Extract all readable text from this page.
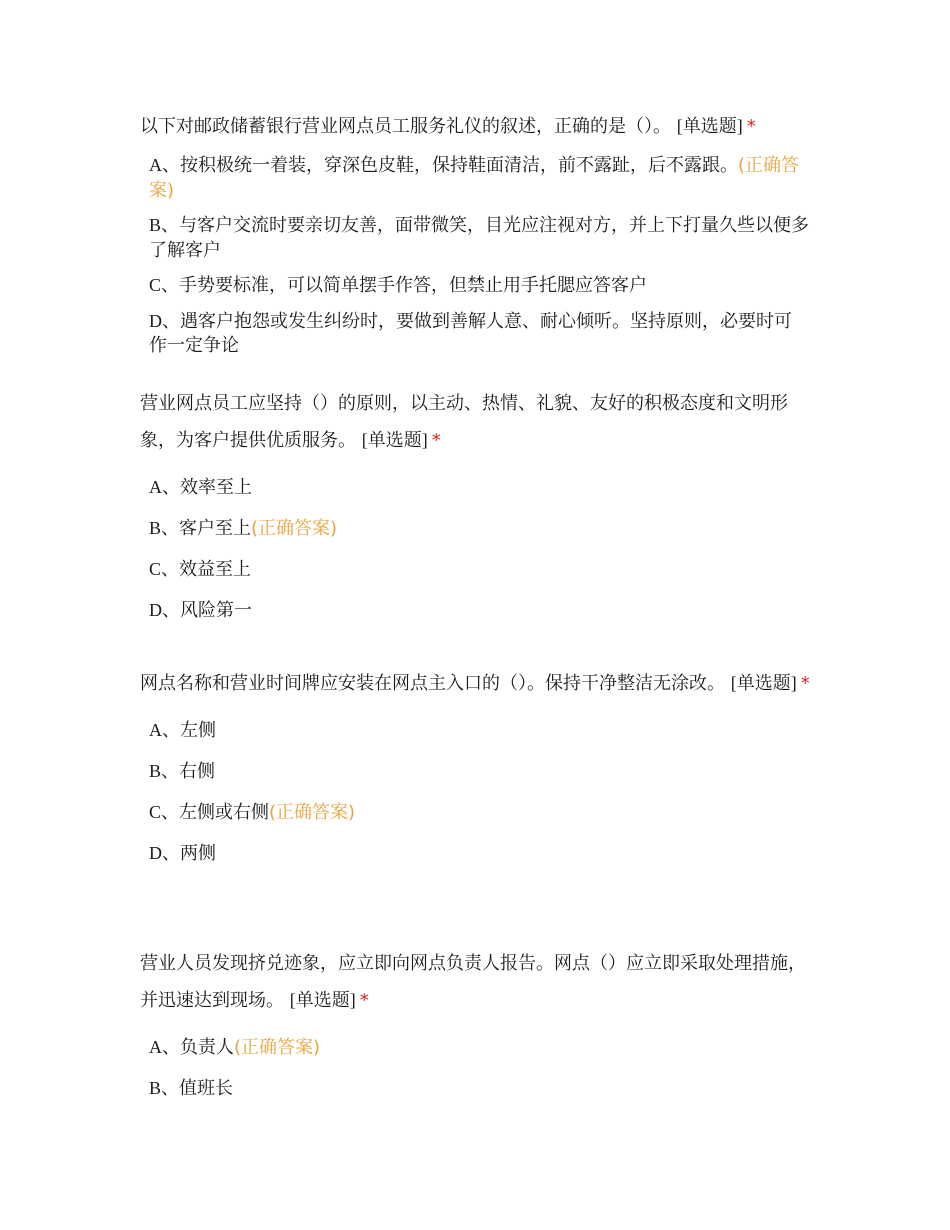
以下对邮政储蓄银行营业网点员工服务礼仪的叙述，正确的是（）。 [单选题] *

A、按积极统一着装，穿深色皮鞋，保持鞋面清洁，前不露趾，后不露跟。(正确答案)
B、与客户交流时要亲切友善，面带微笑，目光应注视对方，并上下打量久些以便多了解客户
C、手势要标准，可以简单摆手作答，但禁止用手托腮应答客户
D、遇客户抱怨或发生纠纷时，要做到善解人意、耐心倾听。坚持原则，必要时可作一定争论

营业网点员工应坚持（）的原则，以主动、热情、礼貌、友好的积极态度和文明形象，为客户提供优质服务。 [单选题] *

A、效率至上
B、客户至上(正确答案)
C、效益至上
D、风险第一

网点名称和营业时间牌应安装在网点主入口的（）。保持干净整洁无涂改。 [单选题] *

A、左侧
B、右侧
C、左侧或右侧(正确答案)
D、两侧

营业人员发现挤兑迹象，应立即向网点负责人报告。网点（）应立即采取处理措施，并迅速达到现场。 [单选题] *

A、负责人(正确答案)
B、值班长
